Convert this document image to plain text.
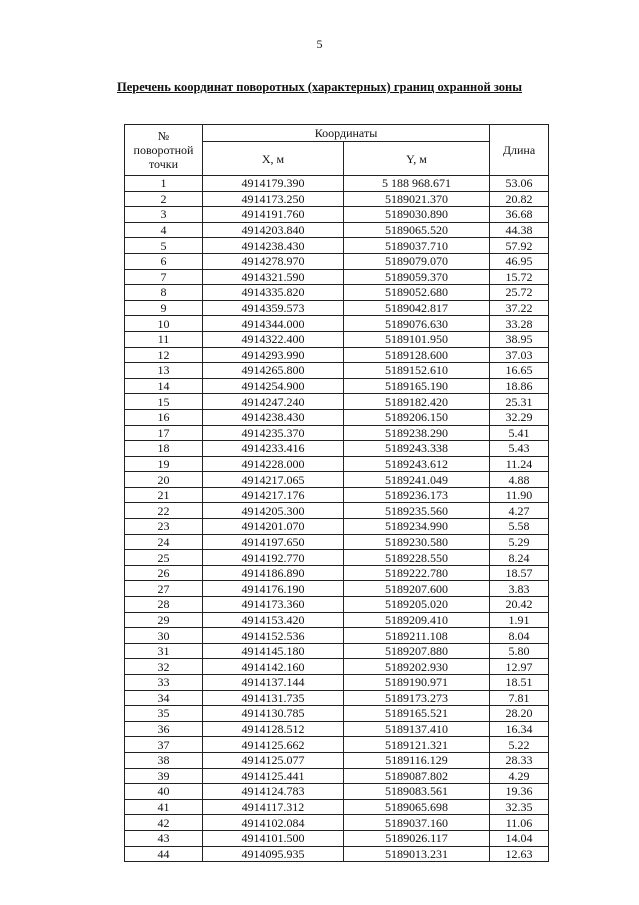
5
Перечень координат поворотных (характерных) границ охранной зоны
№
поворотной
точки	Координаты		Длина
	X, м	Y, м	
1	4914179.390	5 188 968.671	53.06
2	4914173.250	5189021.370	20.82
3	4914191.760	5189030.890	36.68
4	4914203.840	5189065.520	44.38
5	4914238.430	5189037.710	57.92
6	4914278.970	5189079.070	46.95
7	4914321.590	5189059.370	15.72
8	4914335.820	5189052.680	25.72
9	4914359.573	5189042.817	37.22
10	4914344.000	5189076.630	33.28
11	4914322.400	5189101.950	38.95
12	4914293.990	5189128.600	37.03
13	4914265.800	5189152.610	16.65
14	4914254.900	5189165.190	18.86
15	4914247.240	5189182.420	25.31
16	4914238.430	5189206.150	32.29
17	4914235.370	5189238.290	5.41
18	4914233.416	5189243.338	5.43
19	4914228.000	5189243.612	11.24
20	4914217.065	5189241.049	4.88
21	4914217.176	5189236.173	11.90
22	4914205.300	5189235.560	4.27
23	4914201.070	5189234.990	5.58
24	4914197.650	5189230.580	5.29
25	4914192.770	5189228.550	8.24
26	4914186.890	5189222.780	18.57
27	4914176.190	5189207.600	3.83
28	4914173.360	5189205.020	20.42
29	4914153.420	5189209.410	1.91
30	4914152.536	5189211.108	8.04
31	4914145.180	5189207.880	5.80
32	4914142.160	5189202.930	12.97
33	4914137.144	5189190.971	18.51
34	4914131.735	5189173.273	7.81
35	4914130.785	5189165.521	28.20
36	4914128.512	5189137.410	16.34
37	4914125.662	5189121.321	5.22
38	4914125.077	5189116.129	28.33
39	4914125.441	5189087.802	4.29
40	4914124.783	5189083.561	19.36
41	4914117.312	5189065.698	32.35
42	4914102.084	5189037.160	11.06
43	4914101.500	5189026.117	14.04
44	4914095.935	5189013.231	12.63
